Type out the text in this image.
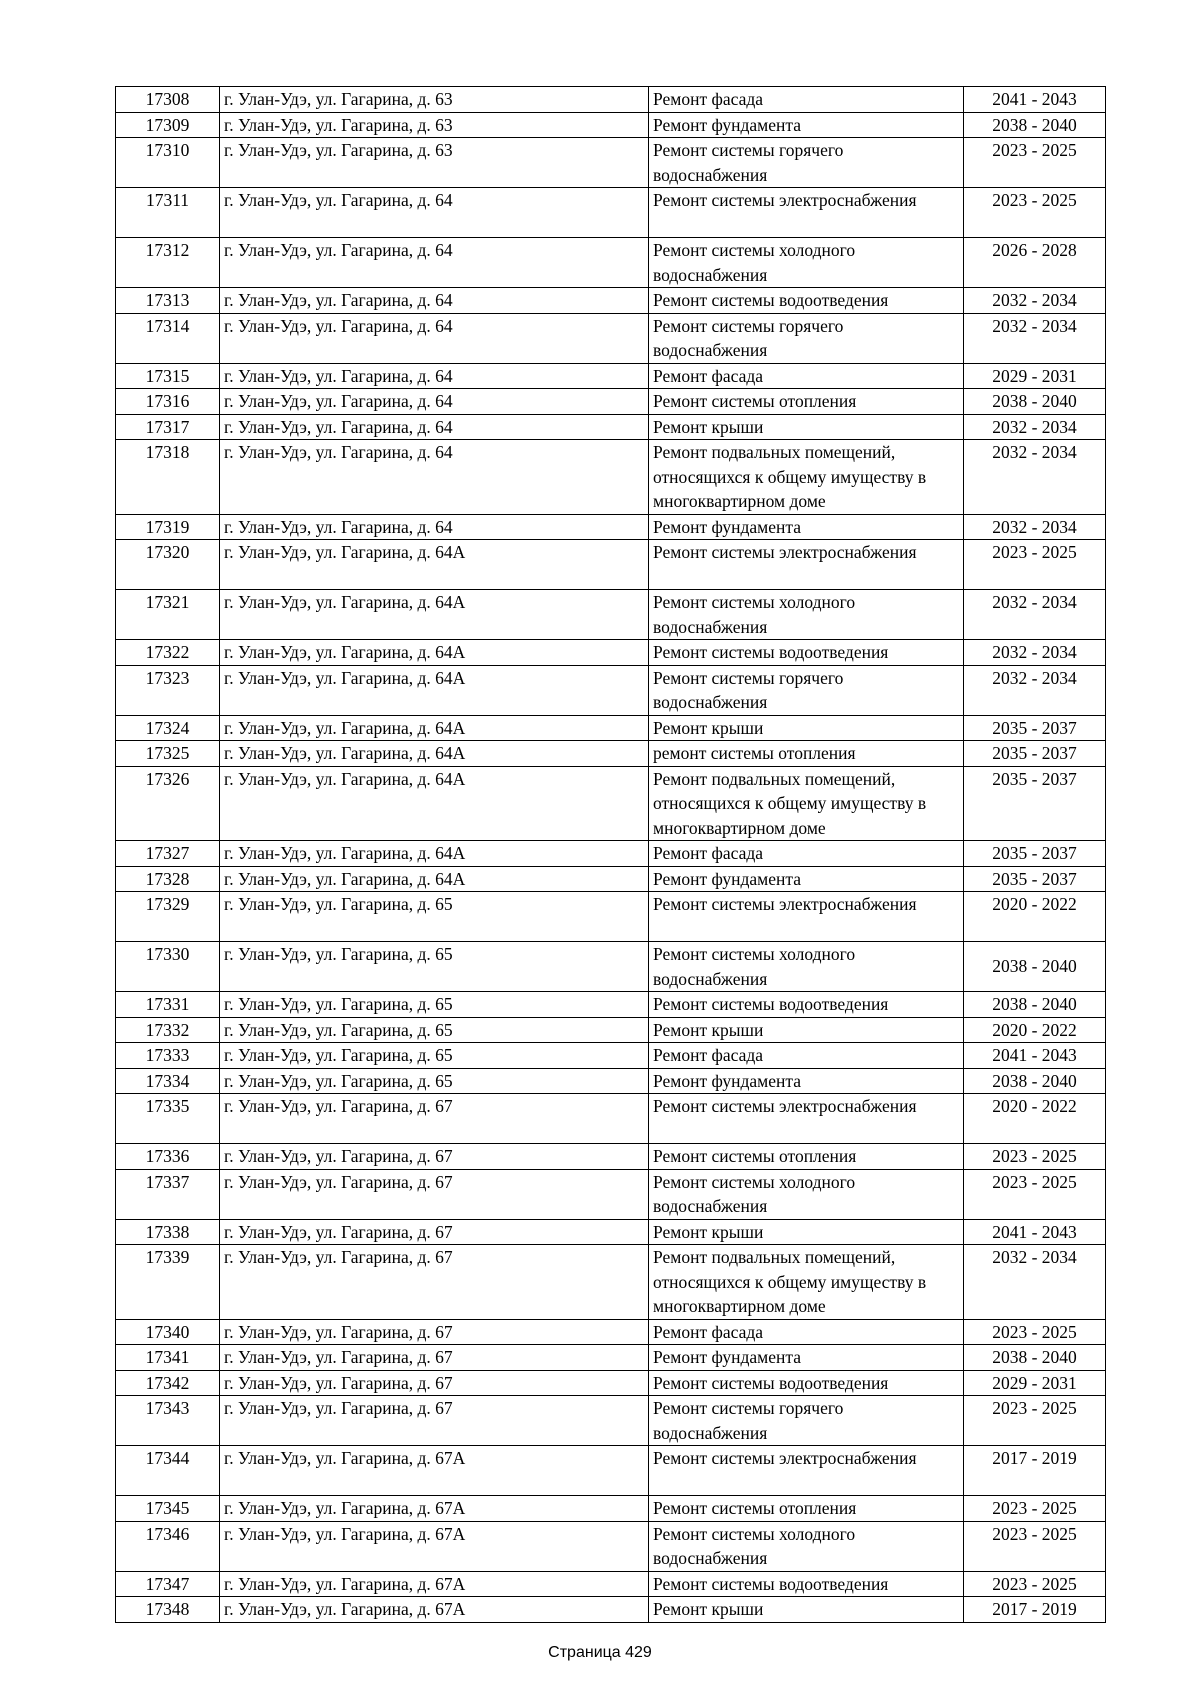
17308	г. Улан-Удэ, ул. Гагарина, д. 63	Ремонт фасада	2041 - 2043
17309	г. Улан-Удэ, ул. Гагарина, д. 63	Ремонт фундамента	2038 - 2040
17310	г. Улан-Удэ, ул. Гагарина, д. 63	Ремонт системы горячего водоснабжения	2023 - 2025
17311	г. Улан-Удэ, ул. Гагарина, д. 64	Ремонт системы электроснабжения	2023 - 2025
17312	г. Улан-Удэ, ул. Гагарина, д. 64	Ремонт системы холодного водоснабжения	2026 - 2028
17313	г. Улан-Удэ, ул. Гагарина, д. 64	Ремонт системы водоотведения	2032 - 2034
17314	г. Улан-Удэ, ул. Гагарина, д. 64	Ремонт системы горячего водоснабжения	2032 - 2034
17315	г. Улан-Удэ, ул. Гагарина, д. 64	Ремонт фасада	2029 - 2031
17316	г. Улан-Удэ, ул. Гагарина, д. 64	Ремонт системы отопления	2038 - 2040
17317	г. Улан-Удэ, ул. Гагарина, д. 64	Ремонт крыши	2032 - 2034
17318	г. Улан-Удэ, ул. Гагарина, д. 64	Ремонт подвальных помещений, относящихся к общему имуществу в многоквартирном доме	2032 - 2034
17319	г. Улан-Удэ, ул. Гагарина, д. 64	Ремонт фундамента	2032 - 2034
17320	г. Улан-Удэ, ул. Гагарина, д. 64А	Ремонт системы электроснабжения	2023 - 2025
17321	г. Улан-Удэ, ул. Гагарина, д. 64А	Ремонт системы холодного водоснабжения	2032 - 2034
17322	г. Улан-Удэ, ул. Гагарина, д. 64А	Ремонт системы водоотведения	2032 - 2034
17323	г. Улан-Удэ, ул. Гагарина, д. 64А	Ремонт системы горячего водоснабжения	2032 - 2034
17324	г. Улан-Удэ, ул. Гагарина, д. 64А	Ремонт крыши	2035 - 2037
17325	г. Улан-Удэ, ул. Гагарина, д. 64А	ремонт системы отопления	2035 - 2037
17326	г. Улан-Удэ, ул. Гагарина, д. 64А	Ремонт подвальных помещений, относящихся к общему имуществу в многоквартирном доме	2035 - 2037
17327	г. Улан-Удэ, ул. Гагарина, д. 64А	Ремонт фасада	2035 - 2037
17328	г. Улан-Удэ, ул. Гагарина, д. 64А	Ремонт фундамента	2035 - 2037
17329	г. Улан-Удэ, ул. Гагарина, д. 65	Ремонт системы электроснабжения	2020 - 2022
17330	г. Улан-Удэ, ул. Гагарина, д. 65	Ремонт системы холодного водоснабжения	2038 - 2040
17331	г. Улан-Удэ, ул. Гагарина, д. 65	Ремонт системы водоотведения	2038 - 2040
17332	г. Улан-Удэ, ул. Гагарина, д. 65	Ремонт крыши	2020 - 2022
17333	г. Улан-Удэ, ул. Гагарина, д. 65	Ремонт фасада	2041 - 2043
17334	г. Улан-Удэ, ул. Гагарина, д. 65	Ремонт фундамента	2038 - 2040
17335	г. Улан-Удэ, ул. Гагарина, д. 67	Ремонт системы электроснабжения	2020 - 2022
17336	г. Улан-Удэ, ул. Гагарина, д. 67	Ремонт системы отопления	2023 - 2025
17337	г. Улан-Удэ, ул. Гагарина, д. 67	Ремонт системы холодного водоснабжения	2023 - 2025
17338	г. Улан-Удэ, ул. Гагарина, д. 67	Ремонт крыши	2041 - 2043
17339	г. Улан-Удэ, ул. Гагарина, д. 67	Ремонт подвальных помещений, относящихся к общему имуществу в многоквартирном доме	2032 - 2034
17340	г. Улан-Удэ, ул. Гагарина, д. 67	Ремонт фасада	2023 - 2025
17341	г. Улан-Удэ, ул. Гагарина, д. 67	Ремонт фундамента	2038 - 2040
17342	г. Улан-Удэ, ул. Гагарина, д. 67	Ремонт системы водоотведения	2029 - 2031
17343	г. Улан-Удэ, ул. Гагарина, д. 67	Ремонт системы горячего водоснабжения	2023 - 2025
17344	г. Улан-Удэ, ул. Гагарина, д. 67А	Ремонт системы электроснабжения	2017 - 2019
17345	г. Улан-Удэ, ул. Гагарина, д. 67А	Ремонт системы отопления	2023 - 2025
17346	г. Улан-Удэ, ул. Гагарина, д. 67А	Ремонт системы холодного водоснабжения	2023 - 2025
17347	г. Улан-Удэ, ул. Гагарина, д. 67А	Ремонт системы водоотведения	2023 - 2025
17348	г. Улан-Удэ, ул. Гагарина, д. 67А	Ремонт крыши	2017 - 2019
Страница 429
